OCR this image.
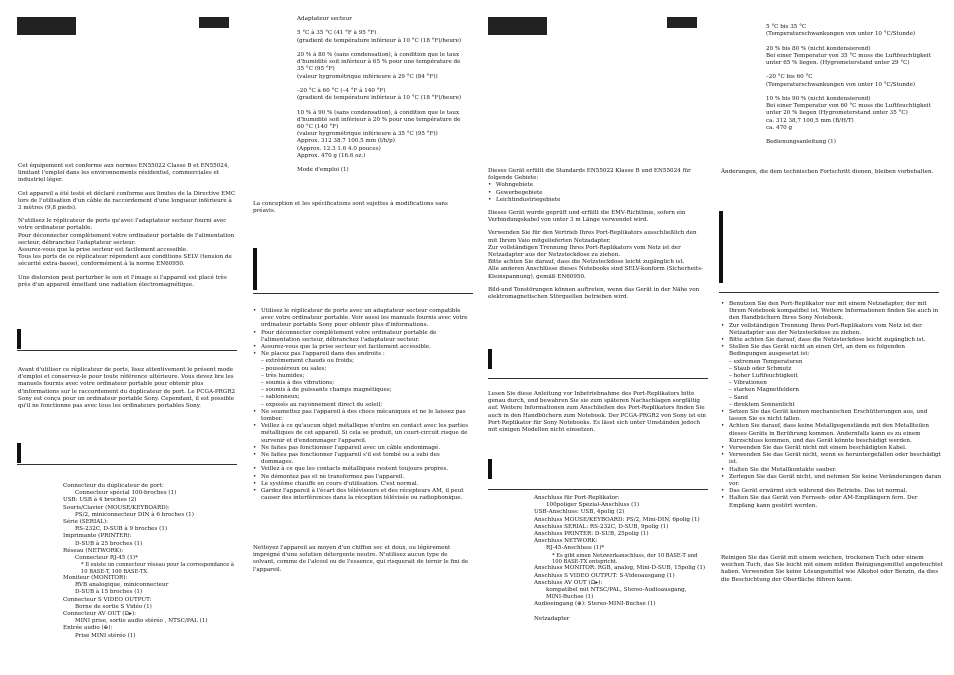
Cet équipement est conforme aux normes EN55022 Classe B et EN55024, limitant l'emploi dans les environnements résidentiel, commerciales et industriel léger.

Cet appareil a été testé et déclaré conforme aux limites de la Directive EMC lors de l'utilisation d'un câble de raccordement d'une longueur inférieure à 3 mètres (9,8 pieds).

N'utilisez le réplicateur de ports qu'avec l'adaptateur secteur fourni avec votre ordinateur portable.

Pour déconnecter complètement votre ordinateur portable de l'alimentation secteur, débranchez l'adaptateur secteur.
Assurez-vous que la prise secteur est facilement accessible.

Tous les ports de ce réplicateur répondent aux conditions SELV (tension de sécurité extra-basse), conformément à la norme EN60950.

Une distorsion peut perturber le son et l'image si l'appareil est placé très près d'un appareil émettant une radiation électromagnétique.

Avant d'utiliser ce réplicateur de ports, lisez attentivement le présent mode d'emploi et conservez-le pour toute référence ultérieure. Vous devez lire les manuels fournis avec votre ordinateur portable pour obtenir plus d'informations sur le raccordement du duplicateur de port. Le PCGA-PRGR2 Sony est conçu pour un ordinateur portable Sony. Cependant, il est possible qu'il ne fonctionne pas avec tous les ordinateurs portables Sony.

Connecteur du duplicateur de port:
Connecteur spécial 100-broches (1)
USB: USB à 4 broches (2)
Souris/Clavier (MOUSE/KEYBOARD):
PS/2, miniconnecteur DIN à 6 broches (1)
Série (SERIAL):
RS-232C, D-SUB à 9 broches (1)
Imprimante (PRINTER):
D-SUB à 25 broches (1)
Réseau (NETWORK):
Connecteur RJ-45 (1)*
* Il existe un connecteur réseau pour la correspondance à 10 BASE-T, 100 BASE-TX.
Moniteur (MONITOR):
RVB analogique, miniconnecteur
D-SUB à 15 broches (1)
Connecteur S VIDEO OUTPUT:
Borne de sortie S Vidéo (1)
Connecteur AV OUT (⊡▸):
MINI prise, sortie audio stéréo , NTSC/PAL (1)
Entrée audio (⊕):
Prise MINI stéréo (1)
Adaptateur secteur

5 °C à 35 °C (41 °F à 95 °F)
(gradient de température inférieur à 10 °C (18 °F)/heure)

20 % à 80 % (sans condensation), à condition que le taux
d'humidité soit inférieur à 65 % pour une température de
35 °C (95 °F)
(valeur hygrométrique inférieure à 29 °C (84 °F))

–20 °C à 60 °C (–4 °F à 140 °F)
(gradient de température inférieur à 10 °C (18 °F)/heure)

10 % à 90 % (sans condensation), à condition que le taux
d'humidité soit inférieur à 20 % pour une température de
60 °C (140 °F)
(valeur hygrométrique inférieure à 35 °C (95 °F))
Approx. 312 38.7 100.5 mm (l/h/p)
(Approx. 12.3 1.6 4.0 pouces)
Approx. 470 g (16.6 oz.)

Mode d'emploi (1)
La conception et les spécifications sont sujettes à modifications sans
préavis.
• Utilisez le réplicateur de ports avec un adaptateur secteur compatible avec votre ordinateur portable. Voir aussi les manuels fournis avec votre ordinateur portable Sony pour obtenir plus d'informations.
• Pour déconnecter complètement votre ordinateur portable de l'alimentation secteur, débranchez l'adaptateur secteur.
• Assurez-vous que la prise secteur est facilement accessible.
• Ne placez pas l'appareil dans des endroits :
– extrêmement chauds ou froids;
– poussiéreux ou sales;
– très humides;
– soumis à des vibrations;
– soumis à de puissants champs magnétiques;
– sablonneux;
– exposés au rayonnement direct du soleil;
• Ne soumettez pas l'appareil à des chocs mécaniques et ne le laissez pas tomber.
• Veillez à ce qu'aucun objet métallique n'entre en contact avec les parties métalliques de cet appareil. Si cela se produit, un court-circuit risque de survenir et d'endommager l'appareil.
• Ne faites pas fonctionner l'appareil avec un câble endommagé.
• Ne faites pas fonctionner l'appareil s'il est tombé ou a subi des dommages.
• Veillez à ce que les contacts métalliques restent toujours propres.
• Ne démontez pas et ne transformez pas l'appareil.
• Le système chauffe en cours d'utilisation. C'est normal.
• Gardez l'appareil à l'écart des téléviseurs et des récepteurs AM, il peut causer des interférences dans la réception télévisée ou radiophonique.

Nettoyez l'appareil au moyen d'un chiffon sec et doux, ou légèrement imprégné d'une solution détergente neutre. N'utilisez aucun type de solvant, comme de l'alcool ou de l'essence, qui risquerait de ternir le fini de l'appareil.

Dieses Gerät erfüllt die Standards EN55022 Klasse B und EN55024 für folgende Gebiete:
• Wohngebiete
• Gewerbegebiete
• Leichtindustriegebiete

Dieses Gerät wurde geprüft und erfüllt die EMV-Richtlinie, sofern ein Verbindungskabel von unter 3 m Länge verwendet wird.

Verwenden Sie für den Vertrieb Ihres Port-Replikators ausschließlich den mit Ihrem Vaio mitgelieferten Netzadapter.
Zur vollständigen Trennung Ihres Port-Replikators vom Netz ist der Netzadapter aus der Netzsteckdose zu ziehen.
Bitte achten Sie darauf, dass die Netzsteckdose leicht zugänglich ist.

Alle anderen Anschlüsse dieses Notebooks sind SELV-konform (Sicherheits-Kleinspannung), gemäß EN60950.

Bild-und Tonstörungen können auftreten, wenn das Gerät in der Nähe von elektromagnetischen Störquellen betrieben wird.

Lesen Sie diese Anleitung vor Inbetriebnahme des Port-Replikators bitte genau durch, und bewahren Sie sie zum späteren Nachschlagen sorgfältig auf. Weitere Informationen zum Anschließen des Port-Replikators finden Sie auch in den Handbüchern zum Notebook. Der PCGA-PRGR2 von Sony ist ein Port-Replikator für Sony Notebooks. Es lässt sich unter Umständen jedoch mit einigen Modellen nicht einsetzen.

Anschluss für Port-Replikator:
100poliger Spezial-Anschluss (1)
USB-Anschluss: USB, 4polig (2)
Anschluss MOUSE/KEYBOARD: PS/2, Mini-DIN, 6polig (1)
Anschluss SERIAL: RS-232C, D-SUB, 9polig (1)
Anschluss PRINTER: D-SUB, 25polig (1)
Anschluss NETWORK:
RJ-45-Anschluss (1)*
* Es gibt einen Netzwerkanschluss, der 10 BASE-T und 100 BASE-TX entspricht.
Anschluss MONITOR: RGB, analog, Mini-D-SUB, 15polig (1)
Anschluss S VIDEO OUTPUT: S-Videoausgang (1)
Anschluss AV OUT (⊡▸):
kompatibel mit NTSC/PAL, Stereo-Audioausgang,
MINI-Buchse (1)
Audioeingang (⊕): Stereo-MINI-Buchse (1)

Netzadapter
5 °C bis 35 °C
(Temperaturschwankungen von unter 10 °C/Stunde)

20 % bis 80 % (nicht kondensierend)
Bei einer Temperatur von 35 °C muss die Luftfeuchtigkeit
unter 65 % liegen. (Hygrometerstand unter 29 °C)

–20 °C bis 60 °C
(Temperaturschwankungen von unter 10 °C/Stunde)

10 % bis 90 % (nicht kondensierend)
Bei einer Temperatur von 60 °C muss die Luftfeuchtigkeit
unter 20 % liegen (Hygrometerstand unter 35 °C)
ca. 312 38,7 100,5 mm (B/H/T)
ca. 470 g

Bedienungsanleitung (1)
Änderungen, die dem technischen Fortschritt dienen, bleiben vorbehalten.
• Benutzen Sie den Port-Replikator nur mit einem Netzadapter, der mit Ihrem Notebook kompatibel ist. Weitere Informationen finden Sie auch in den Handbüchern Ihres Sony Notebook.
• Zur vollständigen Trennung Ihres Port-Replikators vom Netz ist der Netzadapter aus der Netzsteckdose zu ziehen.
• Bitte achten Sie darauf, dass die Netzsteckdose leicht zugänglich ist.
• Stellen Sie das Gerät nicht an einen Ort, an dem es folgenden Bedingungen ausgesetzt ist:
– extremen Temperaturen
– Staub oder Schmutz
– hoher Luftfeuchtigkeit
– Vibrationen
– starken Magnetfeldern
– Sand
– direktem Sonnenlicht
• Setzen Sie das Gerät keinen mechanischen Erschütterungen aus, und lassen Sie es nicht fallen.
• Achten Sie darauf, dass keine Metallgegenstände mit den Metallteilen dieses Geräts in Berührung kommen. Andernfalls kann es zu einem Kurzschluss kommen, und das Gerät könnte beschädigt werden.
• Verwenden Sie das Gerät nicht mit einem beschädigten Kabel.
• Verwenden Sie das Gerät nicht, wenn es heruntergefallen oder beschädigt ist.
• Halten Sie die Metallkontakte sauber.
• Zerlegen Sie das Gerät nicht, und nehmen Sie keine Veränderungen daran vor.
• Das Gerät erwärmt sich während des Betriebs. Das ist normal.
• Halten Sie das Gerät von Fernseh- oder AM-Empfängern fern. Der Empfang kann gestört werden.

Reinigen Sie das Gerät mit einem weichen, trockenen Tuch oder einem weichen Tuch, das Sie leicht mit einem milden Reinigungsmittel angefeuchtet haben. Verwenden Sie keine Lösungsmittel wie Alkohol oder Benzin, da dies die Beschichtung der Oberfläche führen kann.
